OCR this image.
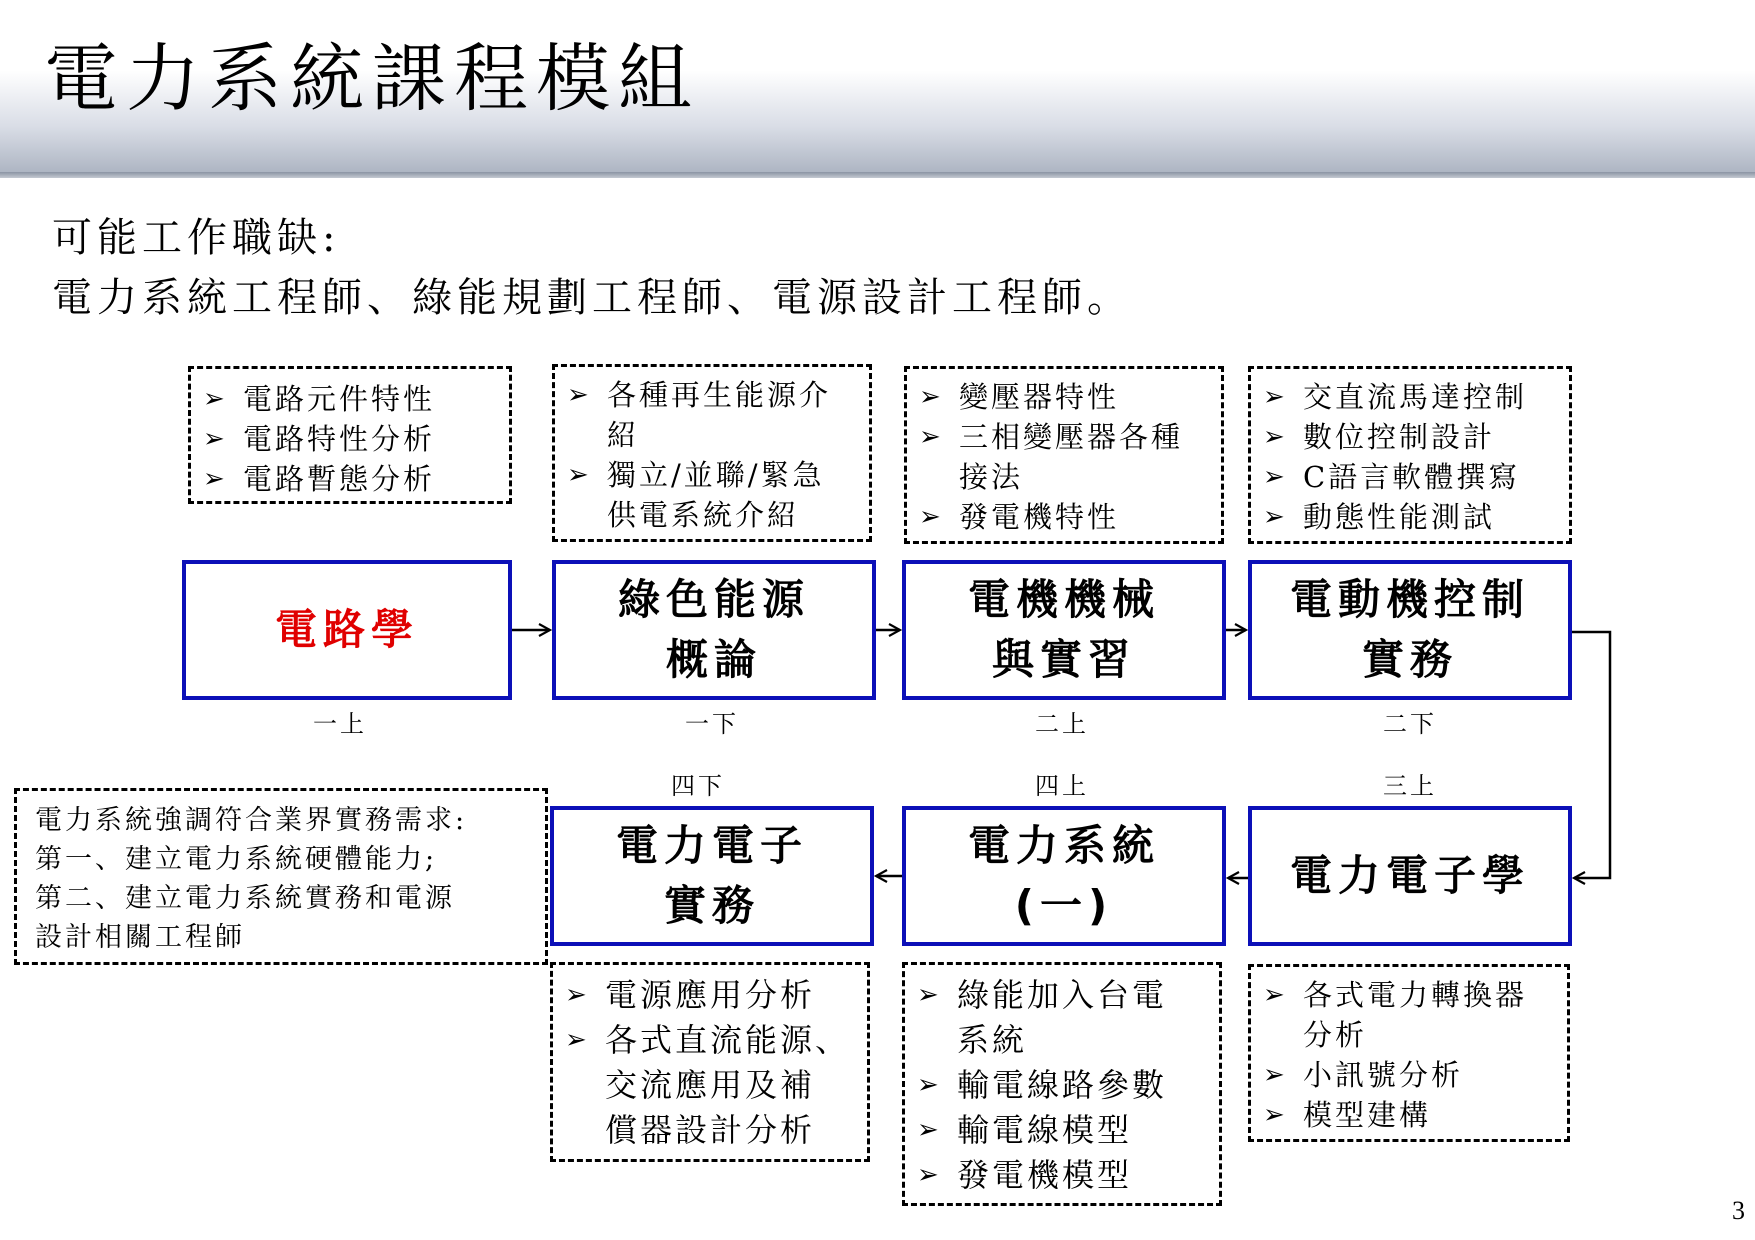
電力系統課程模組
可能工作職缺:
電力系統工程師、綠能規劃工程師、電源設計工程師。
➢ 電路元件特性
➢ 電路特性分析
➢ 電路暫態分析
➢ 各種再生能源介
紹
➢ 獨立/並聯/緊急
供電系統介紹
➢ 變壓器特性
➢ 三相變壓器各種
接法
➢ 發電機特性
➢ 交直流馬達控制
➢ 數位控制設計
➢ C語言軟體撰寫
➢ 動態性能測試
➢ 各式電力轉換器
分析
➢ 小訊號分析
➢ 模型建構
➢ 綠能加入台電
系統
➢ 輸電線路參數
➢ 輸電線模型
➢ 發電機模型
➢ 電源應用分析
➢ 各式直流能源、
交流應用及補
償器設計分析
電路學
綠色能源
概論
電機機械
與實習
電動機控制
實務
電力電子學
電力系統
(一)
電力電子
實務
一上	一下	二上	二下
三上
四上
四下
電力系統強調符合業界實務需求:
第一、建立電力系統硬體能力;
第二、建立電力系統實務和電源
設計相關工程師
3
